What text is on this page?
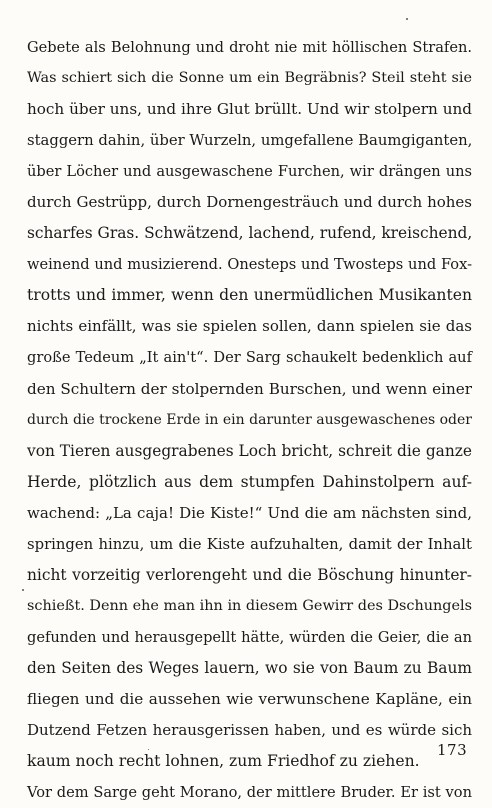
Gebete als Belohnung und droht nie mit höllischen Strafen.
Was schiert sich die Sonne um ein Begräbnis? Steil steht sie
hoch über uns, und ihre Glut brüllt. Und wir stolpern und
staggern dahin, über Wurzeln, umgefallene Baumgiganten,
über Löcher und ausgewaschene Furchen, wir drängen uns
durch Gestrüpp, durch Dornengesträuch und durch hohes
scharfes Gras. Schwätzend, lachend, rufend, kreischend,
weinend und musizierend. Onesteps und Twosteps und Fox-
trotts und immer, wenn den unermüdlichen Musikanten
nichts einfällt, was sie spielen sollen, dann spielen sie das
große Tedeum „It ain't“. Der Sarg schaukelt bedenklich auf
den Schultern der stolpernden Burschen, und wenn einer
durch die trockene Erde in ein darunter ausgewaschenes oder
von Tieren ausgegrabenes Loch bricht, schreit die ganze
Herde, plötzlich aus dem stumpfen Dahinstolpern auf-
wachend: „La caja! Die Kiste!“ Und die am nächsten sind,
springen hinzu, um die Kiste aufzuhalten, damit der Inhalt
nicht vorzeitig verlorengeht und die Böschung hinunter-
schießt. Denn ehe man ihn in diesem Gewirr des Dschungels
gefunden und herausgepellt hätte, würden die Geier, die an
den Seiten des Weges lauern, wo sie von Baum zu Baum
fliegen und die aussehen wie verwunschene Kapläne, ein
Dutzend Fetzen herausgerissen haben, und es würde sich
kaum noch recht lohnen, zum Friedhof zu ziehen.
Vor dem Sarge geht Morano, der mittlere Bruder. Er ist von
173
